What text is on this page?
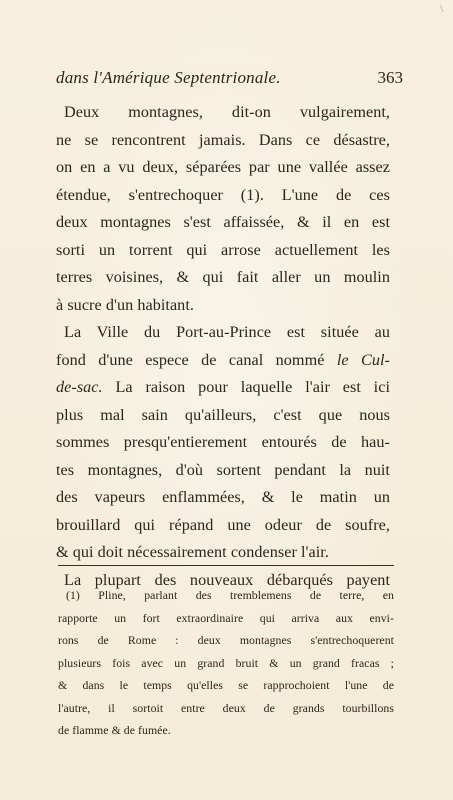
\
dans l'Amérique Septentrionale.	363
Deux montagnes, dit-on vulgairement,
ne se rencontrent jamais. Dans ce désastre,
on en a vu deux, séparées par une vallée assez
étendue, s'entrechoquer (1). L'une de ces
deux montagnes s'est affaissée, & il en est
sorti un torrent qui arrose actuellement les
terres voisines, & qui fait aller un moulin
à sucre d'un habitant.
La Ville du Port-au-Prince est située au
fond d'une espece de canal nommé le Cul-
de-sac. La raison pour laquelle l'air est ici
plus mal sain qu'ailleurs, c'est que nous
sommes presqu'entierement entourés de hau-
tes montagnes, d'où sortent pendant la nuit
des vapeurs enflammées, & le matin un
brouillard qui répand une odeur de soufre,
& qui doit nécessairement condenser l'air.
La plupart des nouveaux débarqués payent
(1) Pline, parlant des tremblemens de terre, en
rapporte un fort extraordinaire qui arriva aux envi-
rons de Rome : deux montagnes s'entrechoquerent
plusieurs fois avec un grand bruit & un grand fracas ;
& dans le temps qu'elles se rapprochoient l'une de
l'autre, il sortoit entre deux de grands tourbillons
de flamme & de fumée.
